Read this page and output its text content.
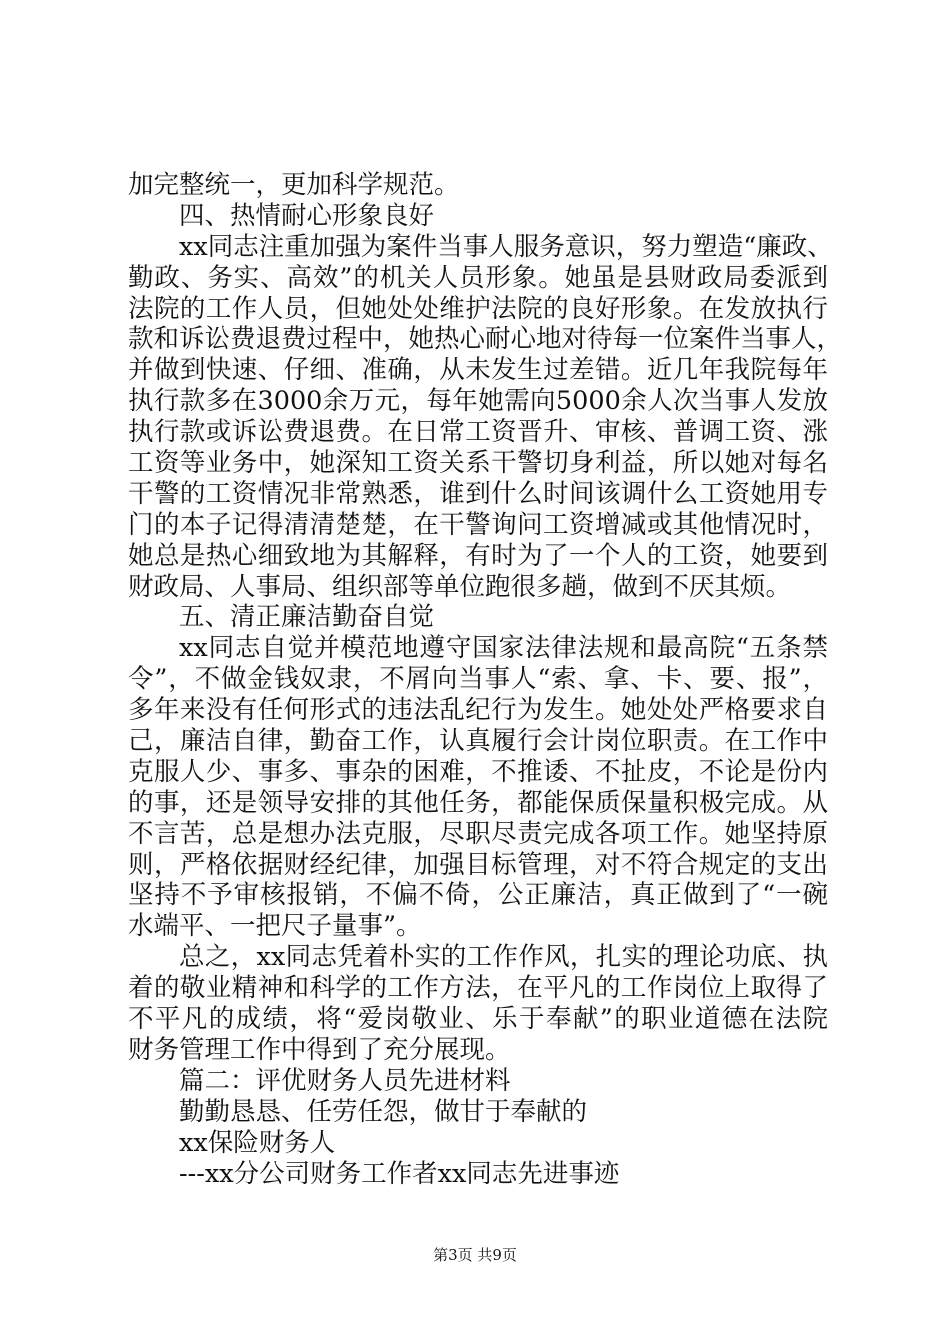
加完整统一，更加科学规范。
四、热情耐心形象良好
xx同志注重加强为案件当事人服务意识，努力塑造“廉政、
勤政、务实、高效”的机关人员形象。她虽是县财政局委派到
法院的工作人员，但她处处维护法院的良好形象。在发放执行
款和诉讼费退费过程中，她热心耐心地对待每一位案件当事人，
并做到快速、仔细、准确，从未发生过差错。近几年我院每年
执行款多在3000余万元，每年她需向5000余人次当事人发放
执行款或诉讼费退费。在日常工资晋升、审核、普调工资、涨
工资等业务中，她深知工资关系干警切身利益，所以她对每名
干警的工资情况非常熟悉，谁到什么时间该调什么工资她用专
门的本子记得清清楚楚，在干警询问工资增减或其他情况时，
她总是热心细致地为其解释，有时为了一个人的工资，她要到
财政局、人事局、组织部等单位跑很多趟，做到不厌其烦。
五、清正廉洁勤奋自觉
xx同志自觉并模范地遵守国家法律法规和最高院“五条禁
令”，不做金钱奴隶，不屑向当事人“索、拿、卡、要、报”，
多年来没有任何形式的违法乱纪行为发生。她处处严格要求自
己，廉洁自律，勤奋工作，认真履行会计岗位职责。在工作中
克服人少、事多、事杂的困难，不推诿、不扯皮，不论是份内
的事，还是领导安排的其他任务，都能保质保量积极完成。从
不言苦，总是想办法克服，尽职尽责完成各项工作。她坚持原
则，严格依据财经纪律，加强目标管理，对不符合规定的支出
坚持不予审核报销，不偏不倚，公正廉洁，真正做到了“一碗
水端平、一把尺子量事”。
总之，xx同志凭着朴实的工作作风，扎实的理论功底、执
着的敬业精神和科学的工作方法，在平凡的工作岗位上取得了
不平凡的成绩，将“爱岗敬业、乐于奉献”的职业道德在法院
财务管理工作中得到了充分展现。
篇二：评优财务人员先进材料
勤勤恳恳、任劳任怨，做甘于奉献的
xx保险财务人
---xx分公司财务工作者xx同志先进事迹
第3页 共9页
